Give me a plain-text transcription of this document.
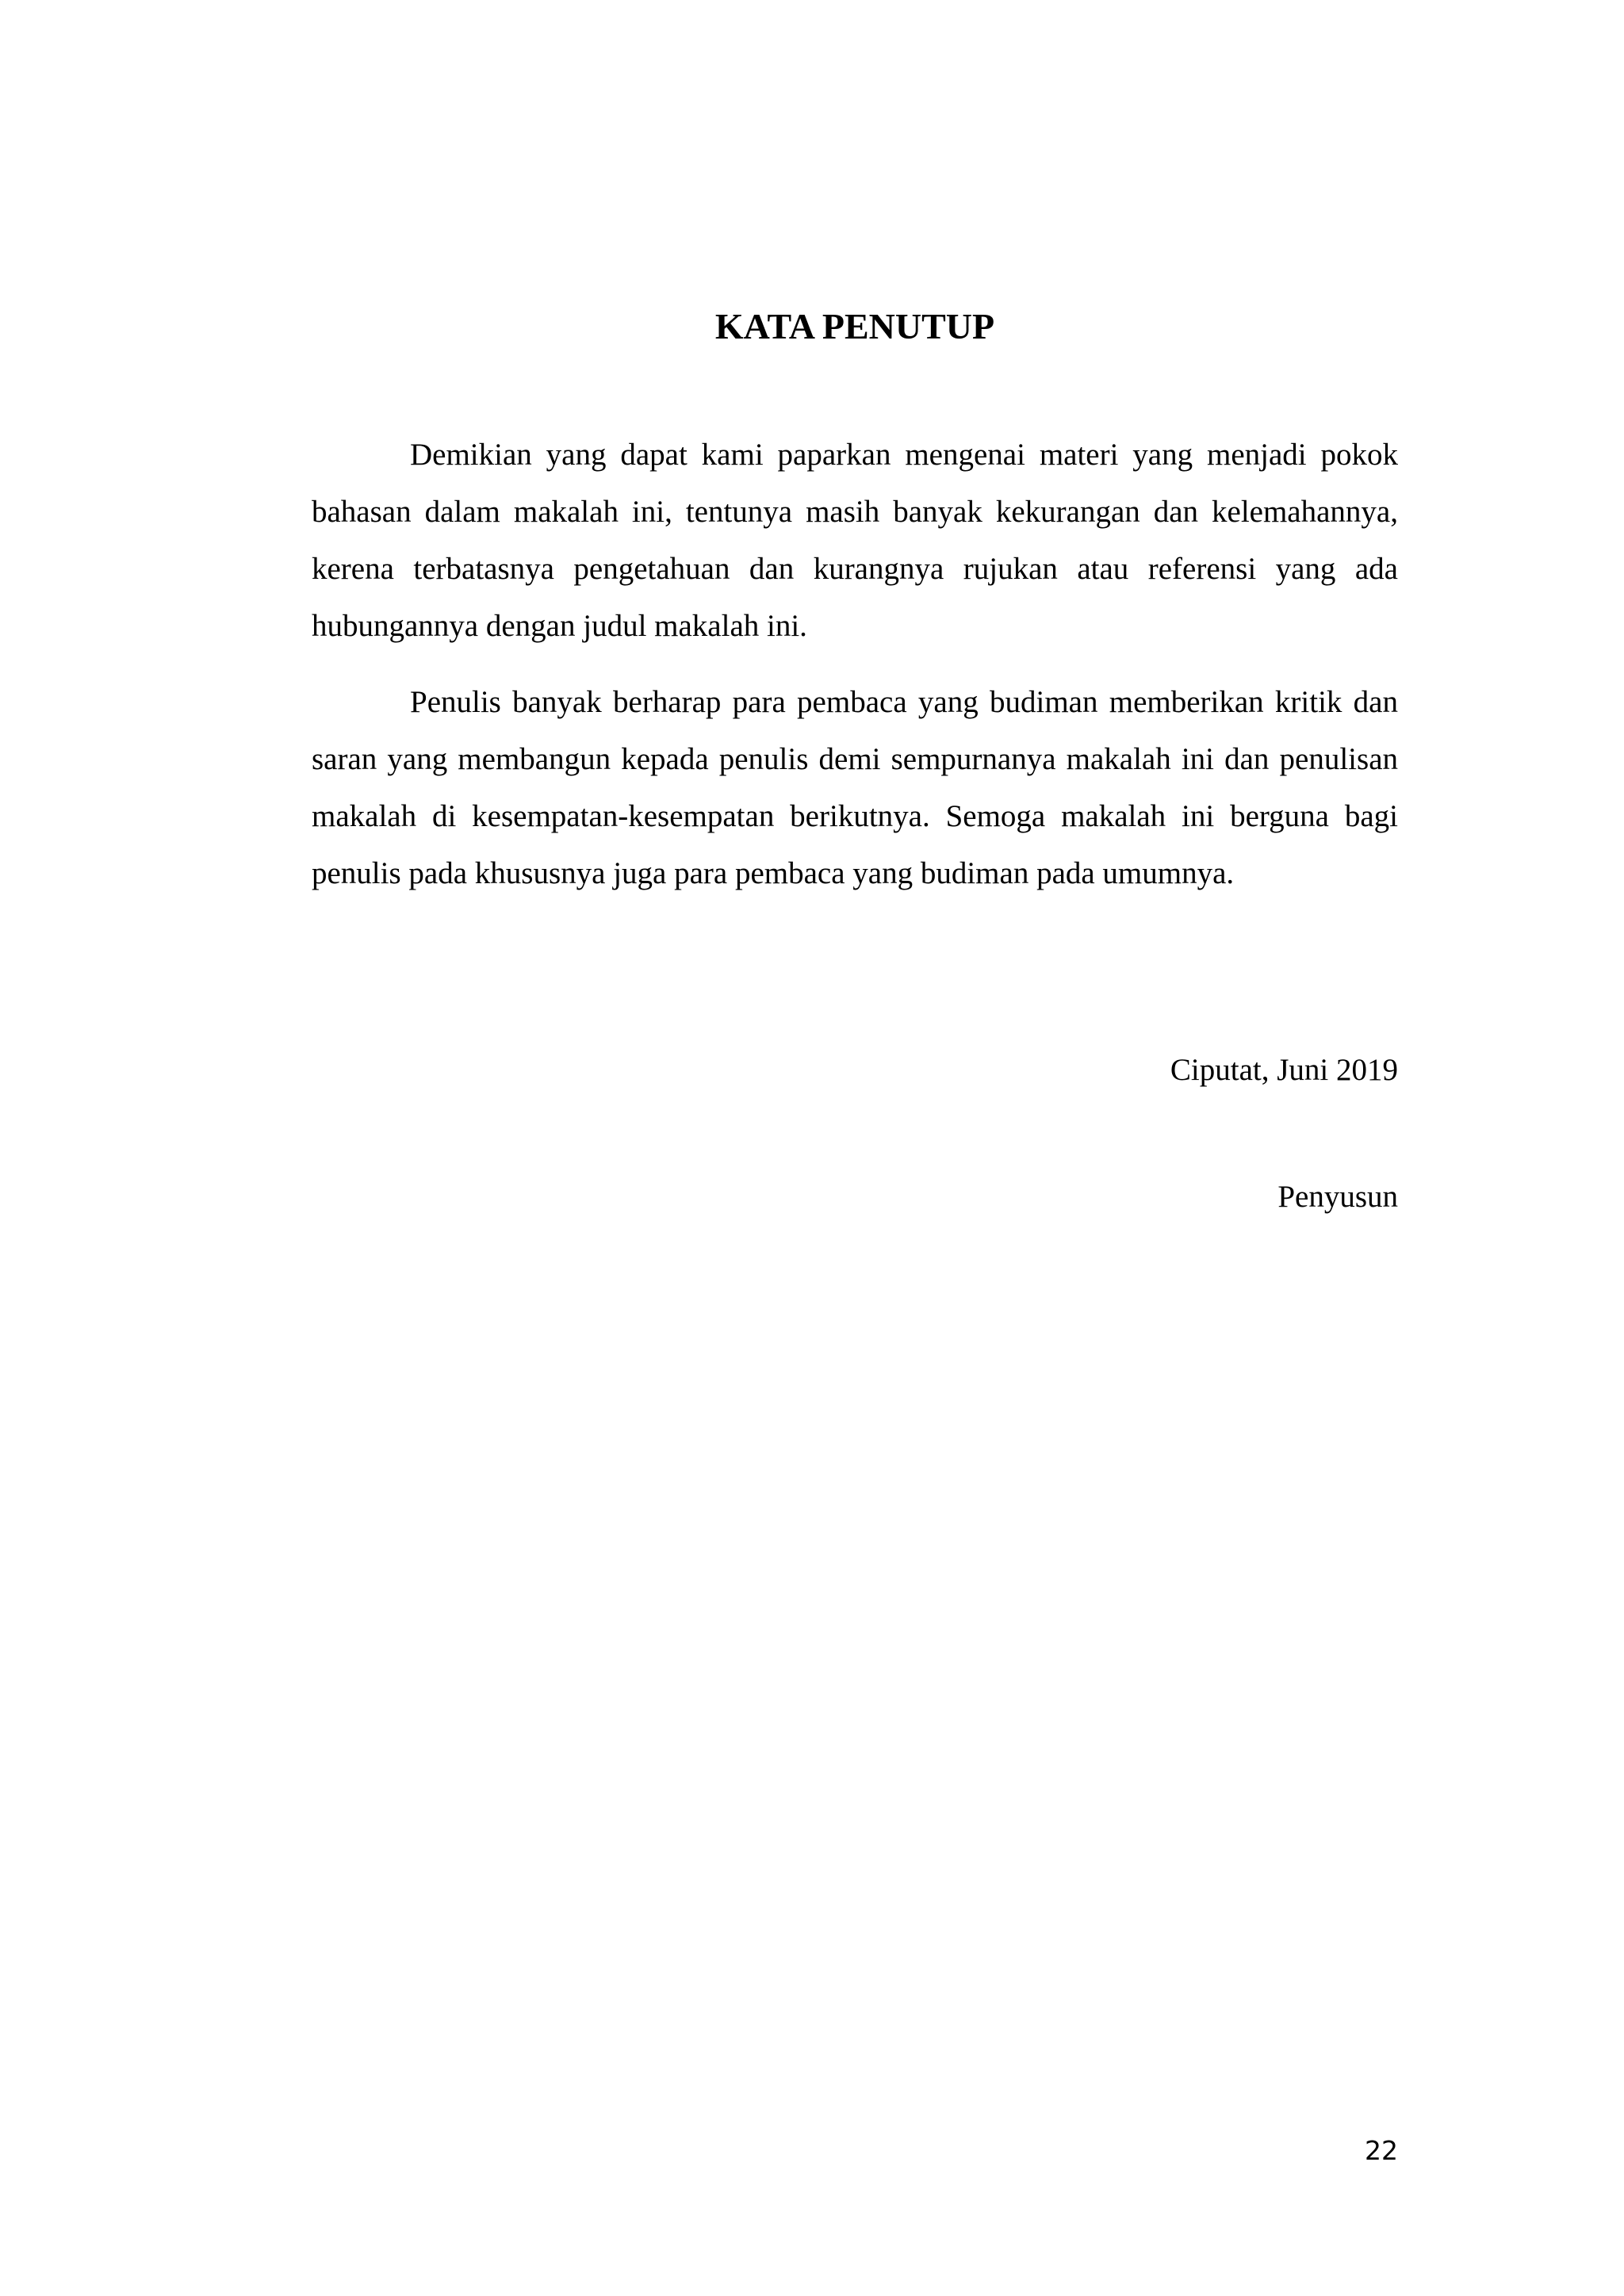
KATA PENUTUP

Demikian yang dapat kami paparkan mengenai materi yang menjadi pokok bahasan dalam makalah ini, tentunya masih banyak kekurangan dan kelemahannya, kerena terbatasnya pengetahuan dan kurangnya rujukan atau referensi yang ada hubungannya dengan judul makalah ini.

Penulis banyak berharap para pembaca yang budiman memberikan kritik dan saran yang membangun kepada penulis demi sempurnanya makalah ini dan penulisan makalah di kesempatan-kesempatan berikutnya. Semoga makalah ini berguna bagi penulis pada khususnya juga para pembaca yang budiman pada umumnya.

Ciputat, Juni 2019

Penyusun

22
